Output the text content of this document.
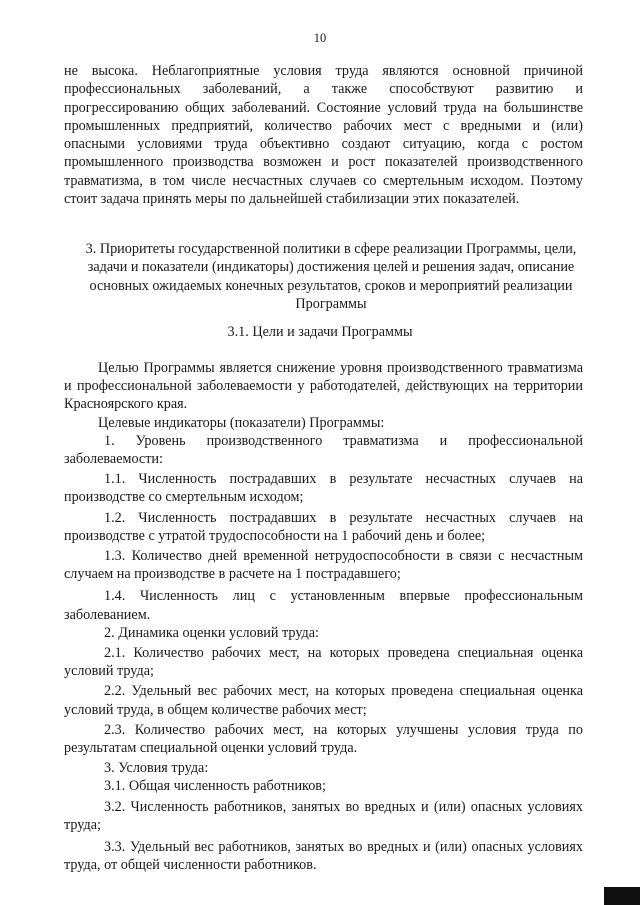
10

не высока. Неблагоприятные условия труда являются основной причиной профессиональных заболеваний, а также способствуют развитию и прогрессированию общих заболеваний. Состояние условий труда на большинстве промышленных предприятий, количество рабочих мест с вредными и (или) опасными условиями труда объективно создают ситуацию, когда с ростом промышленного производства возможен и рост показателей производственного травматизма, в том числе несчастных случаев со смертельным исходом. Поэтому стоит задача принять меры по дальнейшей стабилизации этих показателей.

3. Приоритеты государственной политики в сфере реализации Программы, цели, задачи и показатели (индикаторы) достижения целей и решения задач, описание основных ожидаемых конечных результатов, сроков и мероприятий реализации Программы

3.1. Цели и задачи Программы

Целью Программы является снижение уровня производственного травматизма и профессиональной заболеваемости у работодателей, действующих на территории Красноярского края.

Целевые индикаторы (показатели) Программы:

1. Уровень производственного травматизма и профессиональной заболеваемости:

1.1. Численность пострадавших в результате несчастных случаев на производстве со смертельным исходом;

1.2. Численность пострадавших в результате несчастных случаев на производстве с утратой трудоспособности на 1 рабочий день и более;

1.3. Количество дней временной нетрудоспособности в связи с несчастным случаем на производстве в расчете на 1 пострадавшего;

1.4. Численность лиц с установленным впервые профессиональным заболеванием.

2. Динамика оценки условий труда:

2.1. Количество рабочих мест, на которых проведена специальная оценка условий труда;

2.2. Удельный вес рабочих мест, на которых проведена специальная оценка условий труда, в общем количестве рабочих мест;

2.3. Количество рабочих мест, на которых улучшены условия труда по результатам специальной оценки условий труда.

3. Условия труда:

3.1. Общая численность работников;

3.2. Численность работников, занятых во вредных и (или) опасных условиях труда;

3.3. Удельный вес работников, занятых во вредных и (или) опасных условиях труда, от общей численности работников.
